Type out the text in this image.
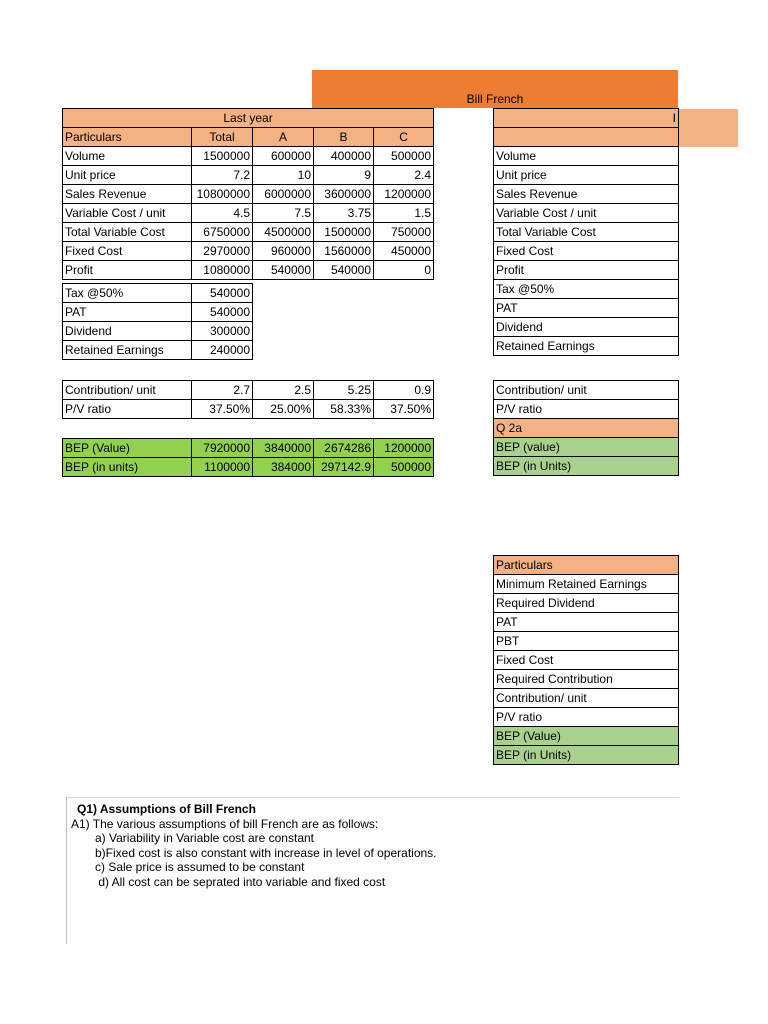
Bill French
Last year				
Particulars	Total	A	B	C
Volume	1500000	600000	400000	500000
Unit price	7.2	10	9	2.4
Sales Revenue	10800000	6000000	3600000	1200000
Variable Cost / unit	4.5	7.5	3.75	1.5
Total Variable Cost	6750000	4500000	1500000	750000
Fixed Cost	2970000	960000	1560000	450000
Profit	1080000	540000	540000	0
Tax @50%	540000
PAT	540000
Dividend	300000
Retained Earnings	240000
Contribution/ unit	2.7	2.5	5.25	0.9
P/V ratio	37.50%	25.00%	58.33%	37.50%
BEP (Value)	7920000	3840000	2674286	1200000
BEP (in units)	1100000	384000	297142.9	500000
I

Volume
Unit price
Sales Revenue
Variable Cost / unit
Total Variable Cost
Fixed Cost
Profit
Tax @50%
PAT
Dividend
Retained Earnings
Contribution/ unit
P/V ratio
Q 2a
BEP (value)
BEP (in Units)
Particulars
Minimum Retained Earnings
Required Dividend
PAT
PBT
Fixed Cost
Required Contribution
Contribution/ unit
P/V ratio
BEP (Value)
BEP (in Units)
Q1) Assumptions of Bill French
A1) The various assumptions of bill French are as follows:
a) Variability in Variable cost are constant
b)Fixed cost is also constant with increase in level of operations.
c) Sale price is assumed to be constant
d) All cost can be seprated into variable and fixed cost
